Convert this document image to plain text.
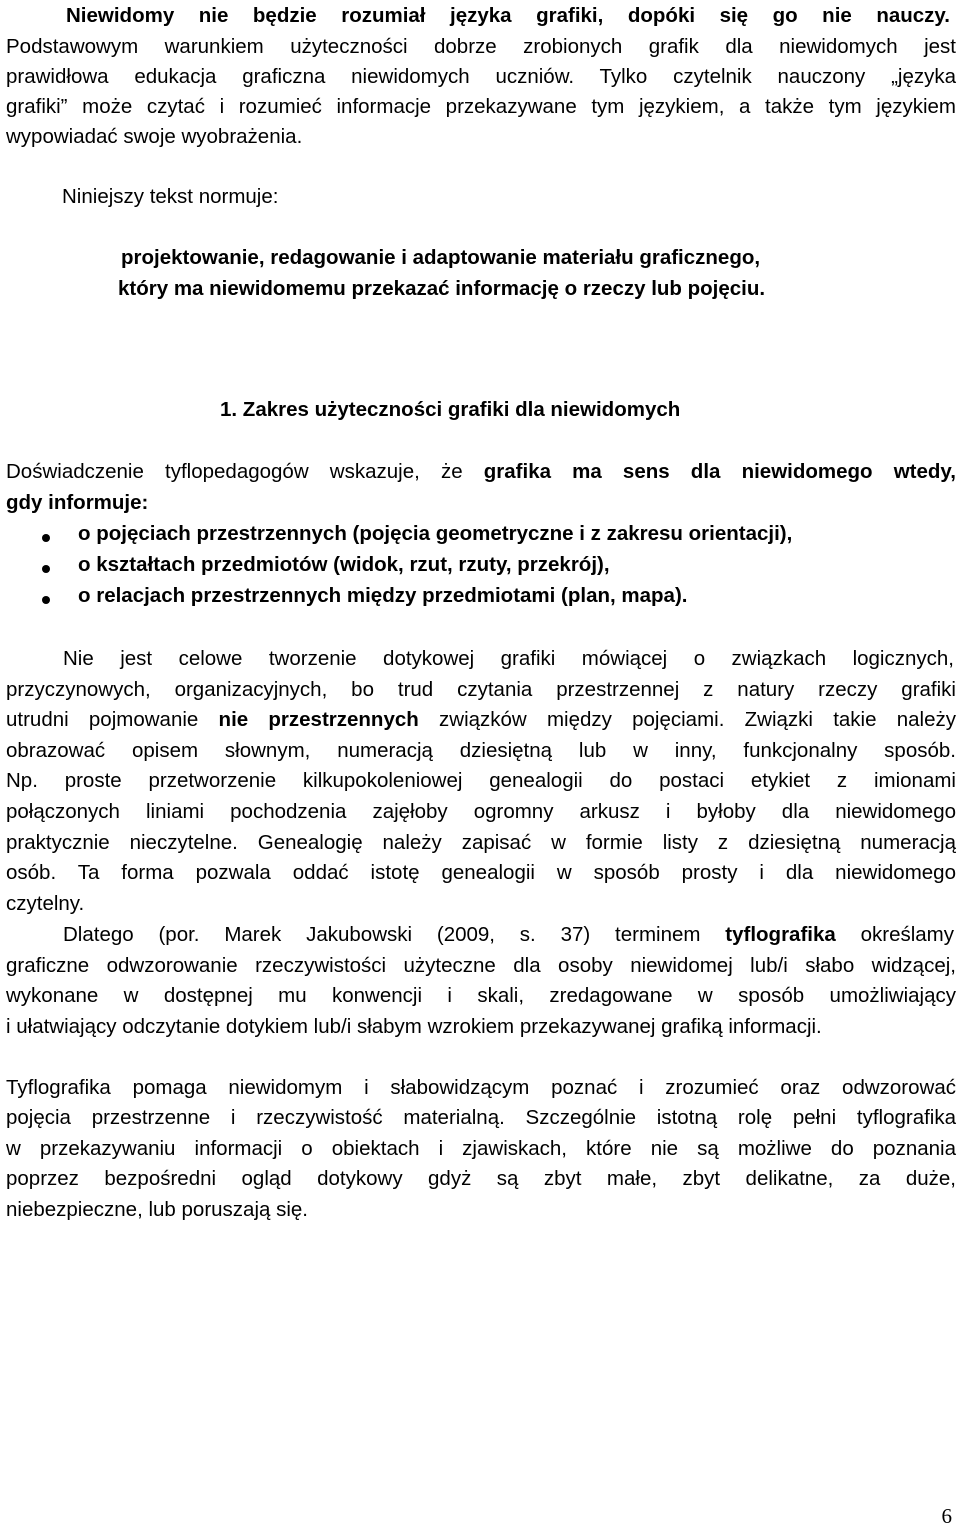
Niewidomy nie będzie rozumiał języka grafiki, dopóki się go nie nauczy.
Podstawowym warunkiem użyteczności dobrze zrobionych grafik dla niewidomych jest
prawidłowa edukacja graficzna niewidomych uczniów. Tylko czytelnik nauczony „języka
grafiki” może czytać i rozumieć informacje przekazywane tym językiem, a także tym językiem
wypowiadać swoje wyobrażenia.
Niniejszy tekst normuje:
projektowanie, redagowanie i adaptowanie materiału graficznego,
który ma niewidomemu przekazać informację o rzeczy lub pojęciu.
1. Zakres użyteczności grafiki dla niewidomych
Doświadczenie tyflopedagogów wskazuje, że grafika ma sens dla niewidomego wtedy,
gdy informuje:
o pojęciach przestrzennych (pojęcia geometryczne i z zakresu orientacji),
o kształtach przedmiotów (widok, rzut, rzuty, przekrój),
o relacjach przestrzennych między przedmiotami (plan, mapa).
Nie jest celowe tworzenie dotykowej grafiki mówiącej o związkach logicznych,
przyczynowych, organizacyjnych, bo trud czytania przestrzennej z natury rzeczy grafiki
utrudni pojmowanie nie przestrzennych związków między pojęciami. Związki takie należy
obrazować opisem słownym, numeracją dziesiętną lub w inny, funkcjonalny sposób.
Np. proste przetworzenie kilkupokoleniowej genealogii do postaci etykiet z imionami
połączonych liniami pochodzenia zajęłoby ogromny arkusz i byłoby dla niewidomego
praktycznie nieczytelne. Genealogię należy zapisać w formie listy z dziesiętną numeracją
osób. Ta forma pozwala oddać istotę genealogii w sposób prosty i dla niewidomego
czytelny.
Dlatego (por. Marek Jakubowski (2009, s. 37) terminem tyflografika określamy
graficzne odwzorowanie rzeczywistości użyteczne dla osoby niewidomej lub/i słabo widzącej,
wykonane w dostępnej mu konwencji i skali, zredagowane w sposób umożliwiający
i ułatwiający odczytanie dotykiem lub/i słabym wzrokiem przekazywanej grafiką informacji.
Tyflografika pomaga niewidomym i słabowidzącym poznać i zrozumieć oraz odwzorować
pojęcia przestrzenne i rzeczywistość materialną. Szczególnie istotną rolę pełni tyflografika
w przekazywaniu informacji o obiektach i zjawiskach, które nie są możliwe do poznania
poprzez bezpośredni ogląd dotykowy gdyż są zbyt małe, zbyt delikatne, za duże,
niebezpieczne, lub poruszają się.
6
